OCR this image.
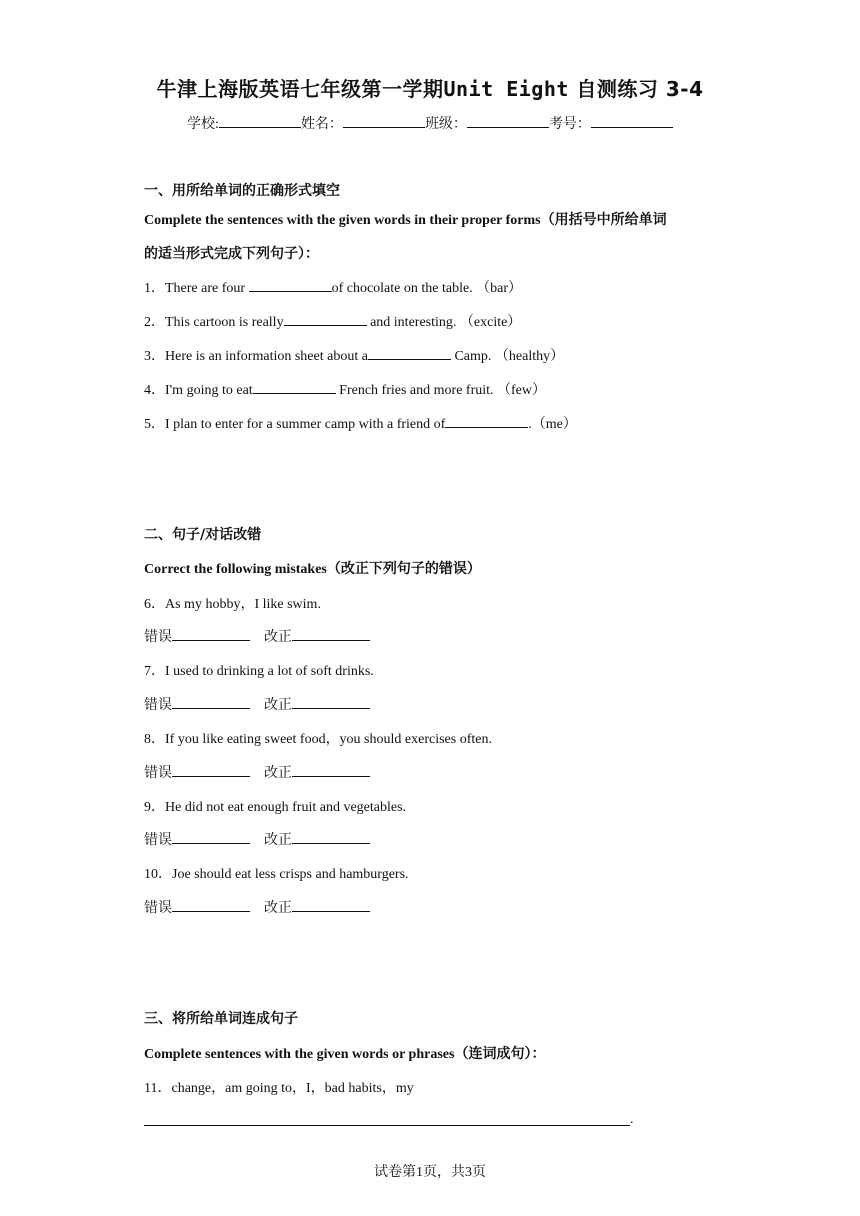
牛津上海版英语七年级第一学期Unit Eight 自测练习 3-4
学校:	姓名：	班级：	考号：
一、用所给单词的正确形式填空
Complete the sentences with the given words in their proper forms（用括号中所给单词
的适当形式完成下列句子）：
1．There are four	of chocolate on the table. （bar）
2．This cartoon is really	and interesting. （excite）
3．Here is an information sheet about a	Camp. （healthy）
4．I'm going to eat	French fries and more fruit. （few）
5．I plan to enter for a summer camp with a friend of	.（me）
二、句子/对话改错
Correct the following mistakes（改正下列句子的错误）
6．As my hobby，I like swim.
错误	改正
7．I used to drinking a lot of soft drinks.
错误	改正
8．If you like eating sweet food，you should exercises often.
错误	改正
9．He did not eat enough fruit and vegetables.
错误	改正
10．Joe should eat less crisps and hamburgers.
错误	改正
三、将所给单词连成句子
Complete sentences with the given words or phrases（连词成句）：
11．change，am going to，I，bad habits，my
.
试卷第1页，共3页
